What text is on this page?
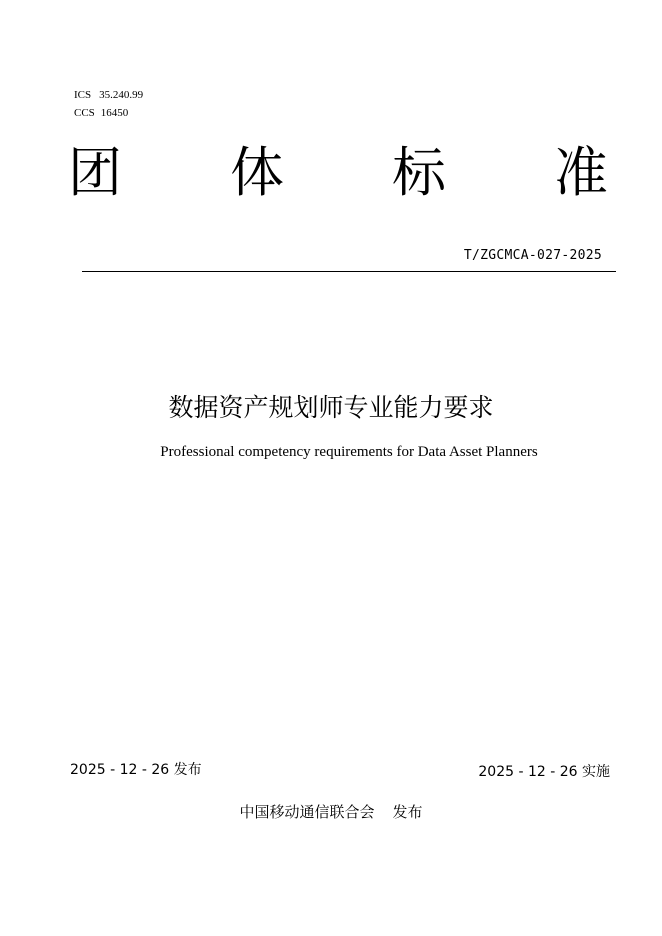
ICS 35.240.99
CCS 16450
团 体 标 准
T/ZGCMCA-027-2025
数据资产规划师专业能力要求
Professional competency requirements for Data Asset Planners
2025 - 12 - 26 发布	2025 - 12 - 26 实施
中国移动通信联合会 发布
